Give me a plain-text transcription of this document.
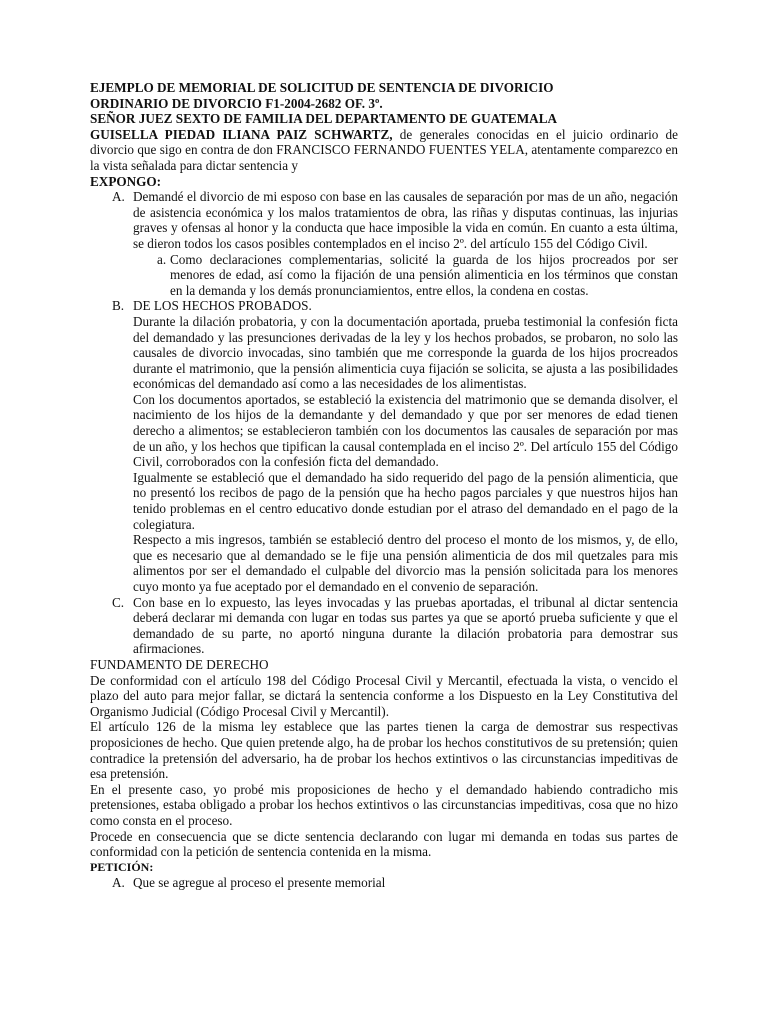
EJEMPLO DE MEMORIAL DE SOLICITUD DE SENTENCIA DE DIVORICIO

ORDINARIO DE DIVORCIO F1-2004-2682 OF. 3º.

SEÑOR JUEZ SEXTO DE FAMILIA DEL DEPARTAMENTO DE GUATEMALA

GUISELLA PIEDAD ILIANA PAIZ SCHWARTZ, de generales conocidas en el juicio ordinario de divorcio que sigo en contra de don FRANCISCO FERNANDO FUENTES YELA, atentamente comparezco en la vista señalada para dictar sentencia y

EXPONGO:

A. Demandé el divorcio de mi esposo con base en las causales de separación por mas de un año, negación de asistencia económica y los malos tratamientos de obra, las riñas y disputas continuas, las injurias graves y ofensas al honor y la conducta que hace imposible la vida en común. En cuanto a esta última, se dieron todos los casos posibles contemplados en el inciso 2º. del artículo 155 del Código Civil.
a. Como declaraciones complementarias, solicité la guarda de los hijos procreados por ser menores de edad, así como la fijación de una pensión alimenticia en los términos que constan en la demanda y los demás pronunciamientos, entre ellos, la condena en costas.
B. DE LOS HECHOS PROBADOS.

Durante la dilación probatoria, y con la documentación aportada, prueba testimonial la confesión ficta del demandado y las presunciones derivadas de la ley y los hechos probados, se probaron, no solo las causales de divorcio invocadas, sino también que me corresponde la guarda de los hijos procreados durante el matrimonio, que la pensión alimenticia cuya fijación se solicita, se ajusta a las posibilidades económicas del demandado así como a las necesidades de los alimentistas.

Con los documentos aportados, se estableció la existencia del matrimonio que se demanda disolver, el nacimiento de los hijos de la demandante y del demandado y que por ser menores de edad tienen derecho a alimentos; se establecieron también con los documentos las causales de separación por mas de un año, y los hechos que tipifican la causal contemplada en el inciso 2º. Del artículo 155 del Código Civil, corroborados con la confesión ficta del demandado.

Igualmente se estableció que el demandado ha sido requerido del pago de la pensión alimenticia, que no presentó los recibos de pago de la pensión que ha hecho pagos parciales y que nuestros hijos han tenido problemas en el centro educativo donde estudian por el atraso del demandado en el pago de la colegiatura.

Respecto a mis ingresos, también se estableció dentro del proceso el monto de los mismos, y, de ello, que es necesario que al demandado se le fije una pensión alimenticia de dos mil quetzales para mis alimentos por ser el demandado el culpable del divorcio mas la pensión solicitada para los menores cuyo monto ya fue aceptado por el demandado en el convenio de separación.

C. Con base en lo expuesto, las leyes invocadas y las pruebas aportadas, el tribunal al dictar sentencia deberá declarar mi demanda con lugar en todas sus partes ya que se aportó prueba suficiente y que el demandado de su parte, no aportó ninguna durante la dilación probatoria para demostrar sus afirmaciones.

FUNDAMENTO DE DERECHO

De conformidad con el artículo 198 del Código Procesal Civil y Mercantil, efectuada la vista, o vencido el plazo del auto para mejor fallar, se dictará la sentencia conforme a los Dispuesto en la Ley Constitutiva del Organismo Judicial (Código Procesal Civil y Mercantil).

El artículo 126 de la misma ley establece que las partes tienen la carga de demostrar sus respectivas proposiciones de hecho. Que quien pretende algo, ha de probar los hechos constitutivos de su pretensión; quien contradice la pretensión del adversario, ha de probar los hechos extintivos o las circunstancias impeditivas de esa pretensión.

En el presente caso, yo probé mis proposiciones de hecho y el demandado habiendo contradicho mis pretensiones, estaba obligado a probar los hechos extintivos o las circunstancias impeditivas, cosa que no hizo como consta en el proceso.

Procede en consecuencia que se dicte sentencia declarando con lugar mi demanda en todas sus partes de conformidad con la petición de sentencia contenida en la misma.

PETICIÓN:

A. Que se agregue al proceso el presente memorial
